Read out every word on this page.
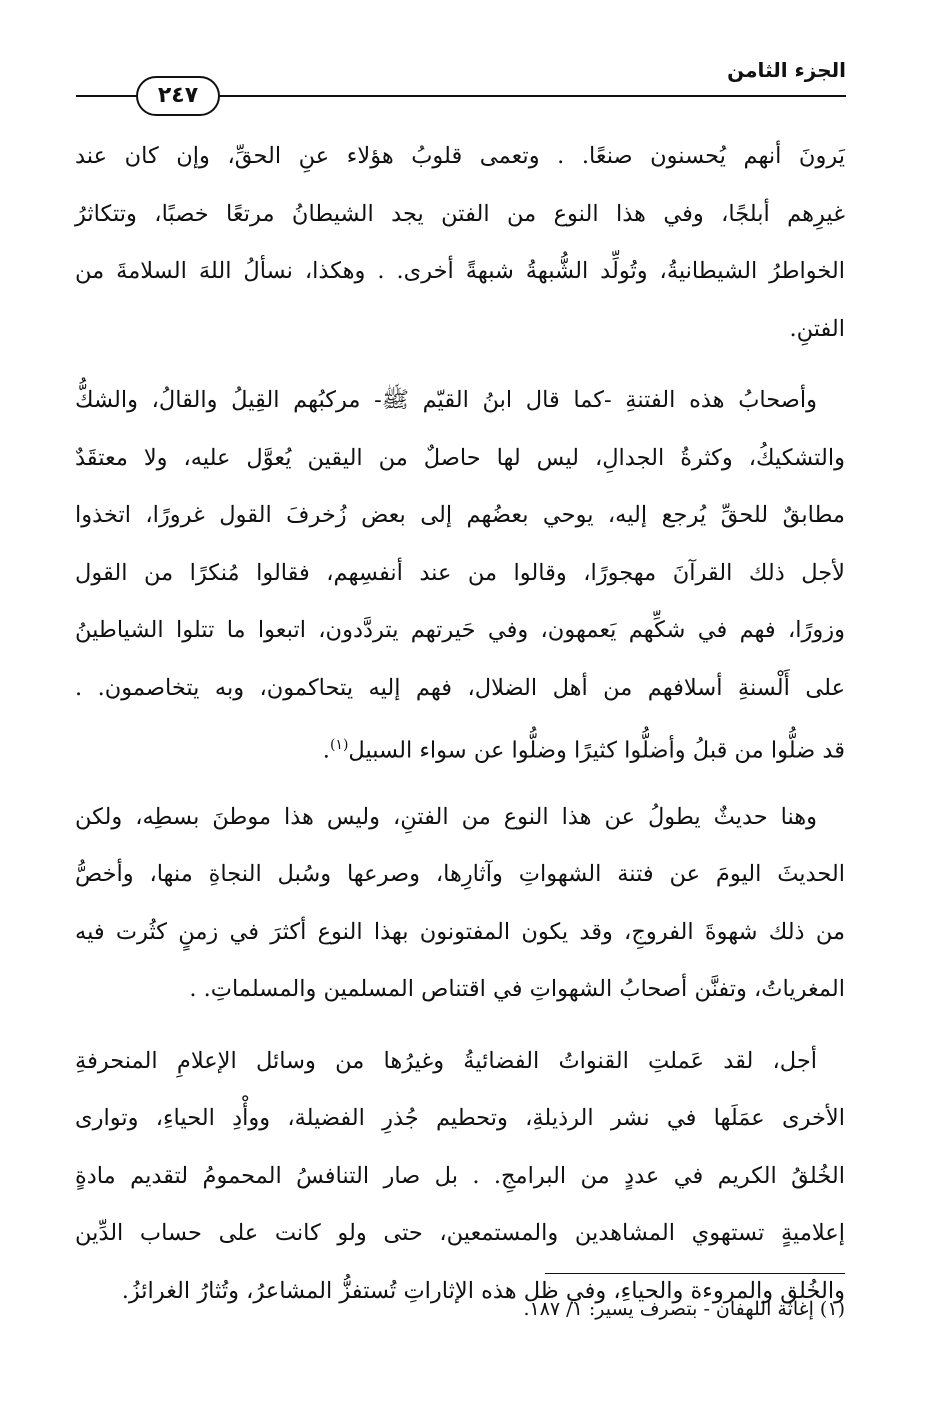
الجزء الثامن
٢٤٧

يَرونَ أنهم يُحسنون صنعًا. . وتعمى قلوبُ هؤلاء عنِ الحقِّ، وإن كان عند
غيرِهم أبلجًا، وفي هذا النوع من الفتن يجد الشيطانُ مرتعًا خصبًا، وتتكاثرُ
الخواطرُ الشيطانيةُ، وتُولِّد الشُّبهةُ شبهةً أخرى. . وهكذا، نسألُ اللهَ السلامةَ من
الفتنِ.

وأصحابُ هذه الفتنةِ -كما قال ابنُ القيّم ﷺ- مركبُهم القِيلُ والقالُ، والشكُّ
والتشكيكُ، وكثرةُ الجدالِ، ليس لها حاصلٌ من اليقين يُعوَّل عليه، ولا معتقَدٌ
مطابقٌ للحقِّ يُرجع إليه، يوحي بعضُهم إلى بعض زُخرفَ القول غرورًا، اتخذوا
لأجل ذلك القرآنَ مهجورًا، وقالوا من عند أنفسِهم، فقالوا مُنكرًا من القول
وزورًا، فهم في شكِّهم يَعمهون، وفي حَيرتهم يتردَّدون، اتبعوا ما تتلوا الشياطينُ
على أَلْسنةِ أسلافهم من أهل الضلال، فهم إليه يتحاكمون، وبه يتخاصمون. .
قد ضلُّوا من قبلُ وأضلُّوا كثيرًا وضلُّوا عن سواء السبيل$^{(١)}$.

وهنا حديثٌ يطولُ عن هذا النوع من الفتنِ، وليس هذا موطنَ بسطِه، ولكن
الحديثَ اليومَ عن فتنة الشهواتِ وآثارِها، وصرعها وسُبل النجاةِ منها، وأخصُّ
من ذلك شهوةَ الفروجِ، وقد يكون المفتونون بهذا النوع أكثرَ في زمنٍ كثُرت فيه
المغرياتُ، وتفنَّن أصحابُ الشهواتِ في اقتناص المسلمين والمسلماتِ. .

أجل، لقد عَملتِ القنواتُ الفضائيةُ وغيرُها من وسائل الإعلامِ المنحرفةِ
الأخرى عمَلَها في نشر الرذيلةِ، وتحطيم جُذرِ الفضيلة، ووأْدِ الحياءِ، وتوارى
الخُلقُ الكريم في عددٍ من البرامجِ. . بل صار التنافسُ المحمومُ لتقديم مادةٍ
إعلاميةٍ تستهوي المشاهدين والمستمعين، حتى ولو كانت على حساب الدِّين
والخُلق والمروءة والحياءِ، وفي ظل هذه الإثاراتِ تُستفزُّ المشاعرُ، وتُثارُ الغرائزُ.

(١) إغاثة اللهفان - بتصرف يسير: ١/ ١٨٧.
